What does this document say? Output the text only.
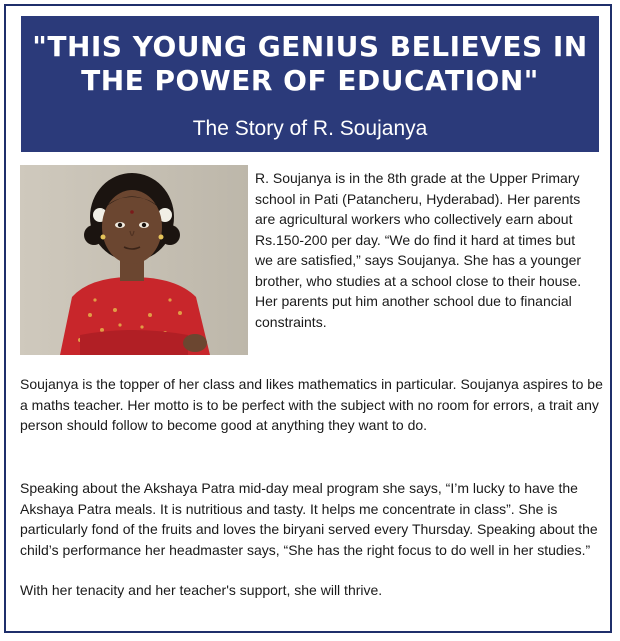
"THIS YOUNG GENIUS BELIEVES IN
THE POWER OF EDUCATION"

The Story of R. Soujanya

R. Soujanya is in the 8th grade at the Upper Primary school in Pati (Patancheru, Hyderabad). Her parents are agricultural workers who collectively earn about Rs.150-200 per day. “We do find it hard at times but we are satisfied,” says Soujanya. She has a younger brother, who studies at a school close to their house. Her parents put him another school due to financial constraints.

Soujanya is the topper of her class and likes mathematics in particular. Soujanya aspires to be a maths teacher. Her motto is to be perfect with the subject with no room for errors, a trait any person should follow to become good at anything they want to do.

Speaking about the Akshaya Patra mid-day meal program she says, “I’m lucky to have the Akshaya Patra meals. It is nutritious and tasty. It helps me concentrate in class”. She is particularly fond of the fruits and loves the biryani served every Thursday. Speaking about the child’s performance her headmaster says, “She has the right focus to do well in her studies.”

With her tenacity and her teacher's support, she will thrive.
